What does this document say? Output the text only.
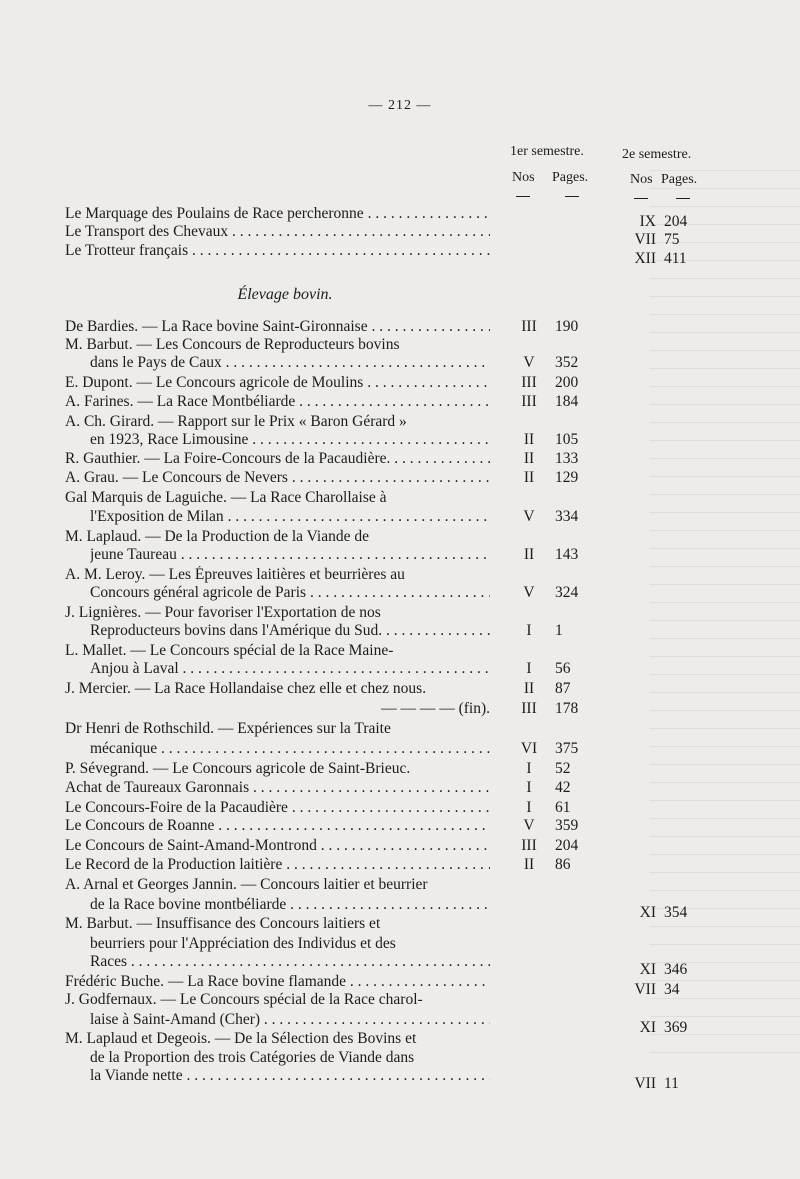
— 212 —
1er semestre.	2e semestre.
Nos Pages.	Nos Pages.
Élevage bovin.
Le Marquage des Poulains de Race percheronne . . .	IX 204
Le Transport des Chevaux . . .	VII 75
Le Trotteur français . . .	XII 411
De Bardies. — La Race bovine Saint-Gironnaise . . .	III	190
M. Barbut. — Les Concours de Reproducteurs bovins
dans le Pays de Caux . . .	V	352
E. Dupont. — Le Concours agricole de Moulins . . .	III	200
A. Farines. — La Race Montbéliarde . . .	III	184
A. Ch. Girard. — Rapport sur le Prix « Baron Gérard »
en 1923, Race Limousine . . .	II	105
R. Gauthier. — La Foire-Concours de la Pacaudière. . . .	II	133
A. Grau. — Le Concours de Nevers . . .	II	129
Gal Marquis de Laguiche. — La Race Charollaise à
l'Exposition de Milan . . .	V	334
M. Laplaud. — De la Production de la Viande de
jeune Taureau . . .	II	143
A. M. Leroy. — Les Épreuves laitières et beurrières au
Concours général agricole de Paris . . .	V	324
J. Lignières. — Pour favoriser l'Exportation de nos
Reproducteurs bovins dans l'Amérique du Sud. . . .	I	1
L. Mallet. — Le Concours spécial de la Race Maine-
Anjou à Laval . . .	I	56
J. Mercier. — La Race Hollandaise chez elle et chez nous.	II	87
— — — — (fin).	III	178
Dr Henri de Rothschild. — Expériences sur la Traite
mécanique . . .	VI	375
P. Sévegrand. — Le Concours agricole de Saint-Brieuc.	I	52
Achat de Taureaux Garonnais . . .	I	42
Le Concours-Foire de la Pacaudière . . .	I	61
Le Concours de Roanne . . .	V	359
Le Concours de Saint-Amand-Montrond . . .	III	204
Le Record de la Production laitière . . .	II	86
A. Arnal et Georges Jannin. — Concours laitier et beurrier
de la Race bovine montbéliarde . . .	XI 354
M. Barbut. — Insuffisance des Concours laitiers et
beurriers pour l'Appréciation des Individus et des
Races . . .	XI 346
Frédéric Buche. — La Race bovine flamande . . .	VII 34
J. Godfernaux. — Le Concours spécial de la Race charol-
laise à Saint-Amand (Cher) . . .	XI 369
M. Laplaud et Degeois. — De la Sélection des Bovins et
de la Proportion des trois Catégories de Viande dans
la Viande nette . . .	VII 11
